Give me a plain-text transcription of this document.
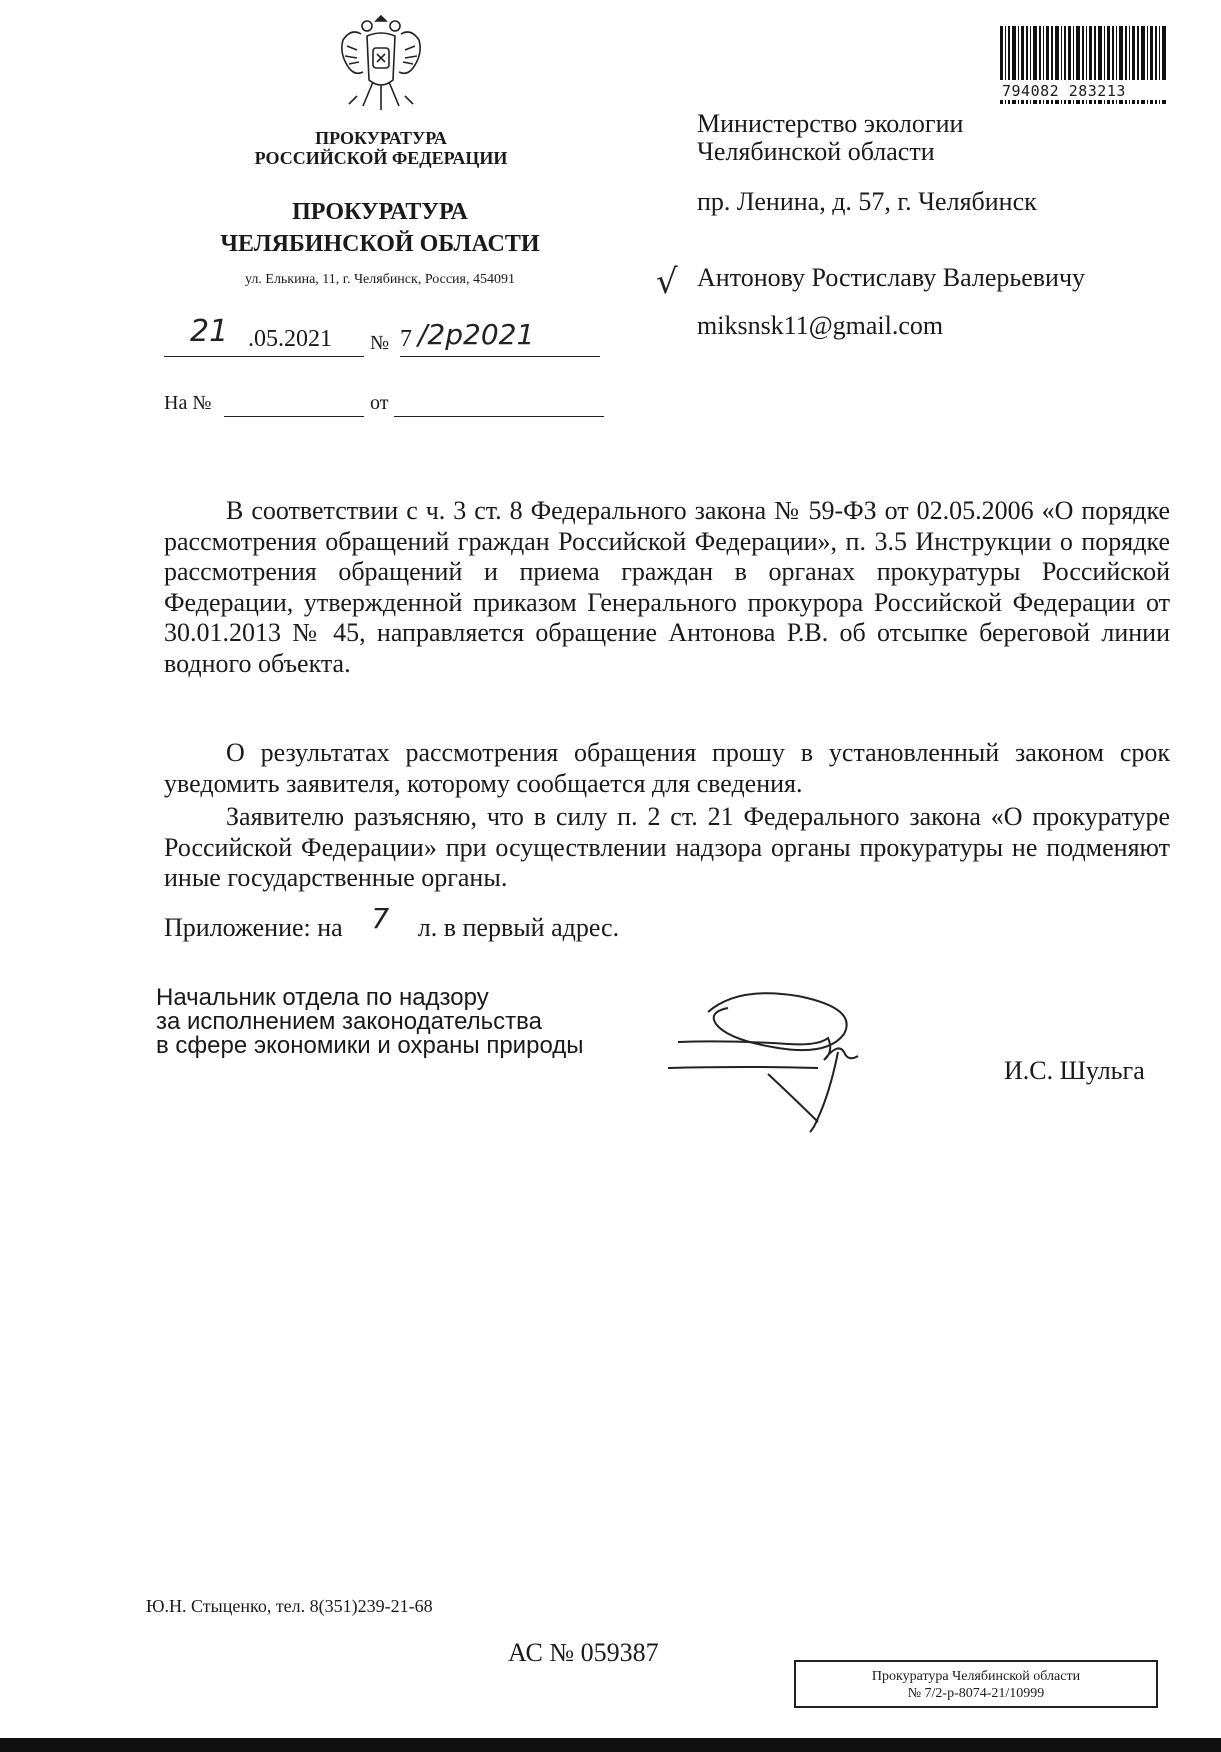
ПРОКУРАТУРА
РОССИЙСКОЙ ФЕДЕРАЦИИ
ПРОКУРАТУРА
ЧЕЛЯБИНСКОЙ ОБЛАСТИ
ул. Елькина, 11, г. Челябинск, Россия, 454091
21 .05.2021 № 7 /2р2021
На №	от
794082 283213
Министерство экологии
Челябинской области
пр. Ленина, д. 57, г. Челябинск
√ Антонову Ростиславу Валерьевичу
miksnsk11@gmail.com

В соответствии с ч. 3 ст. 8 Федерального закона № 59-ФЗ от 02.05.2006 «О порядке рассмотрения обращений граждан Российской Федерации», п. 3.5 Инструкции о порядке рассмотрения обращений и приема граждан в органах прокуратуры Российской Федерации, утвержденной приказом Генерального прокурора Российской Федерации от 30.01.2013 № 45, направляется обращение Антонова Р.В. об отсыпке береговой линии водного объекта.

О результатах рассмотрения обращения прошу в установленный законом срок уведомить заявителя, которому сообщается для сведения.

Заявителю разъясняю, что в силу п. 2 ст. 21 Федерального закона «О прокуратуре Российской Федерации» при осуществлении надзора органы прокуратуры не подменяют иные государственные органы.

Приложение: на 7 л. в первый адрес.
Начальник отдела по надзору
за исполнением законодательства
в сфере экономики и охраны природы
И.С. Шульга
Ю.Н. Стыценко, тел. 8(351)239-21-68
АС № 059387
Прокуратура Челябинской области
№ 7/2-р-8074-21/10999
